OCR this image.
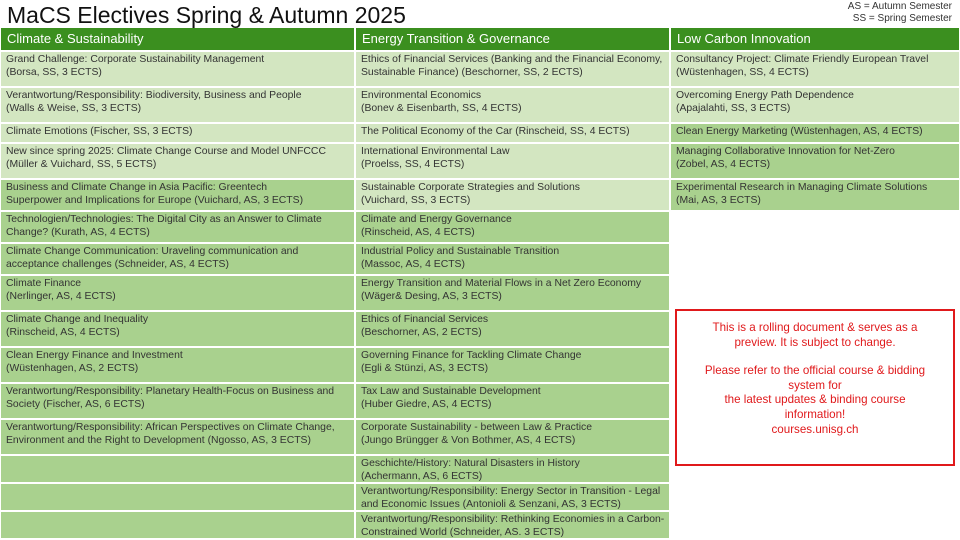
MaCS Electives Spring & Autumn 2025	AS = Autumn Semester
SS = Spring Semester
Climate & Sustainability
Grand Challenge: Corporate Sustainability Management
(Borsa, SS, 3 ECTS)
Verantwortung/Responsibility: Biodiversity, Business and People
(Walls & Weise, SS, 3 ECTS)
Climate Emotions (Fischer, SS, 3 ECTS)
New since spring 2025: Climate Change Course and Model UNFCCC
(Müller & Vuichard, SS, 5 ECTS)
Business and Climate Change in Asia Pacific: Greentech
Superpower and Implications for Europe (Vuichard, AS, 3 ECTS)
Technologien/Technologies: The Digital City as an Answer to Climate
Change? (Kurath, AS, 4 ECTS)
Climate Change Communication: Uraveling communication and
acceptance challenges (Schneider, AS, 4 ECTS)
Climate Finance
(Nerlinger, AS, 4 ECTS)
Climate Change and Inequality
(Rinscheid, AS, 4 ECTS)
Clean Energy Finance and Investment
(Wüstenhagen, AS, 2 ECTS)
Verantwortung/Responsibility: Planetary Health-Focus on Business and
Society (Fischer, AS, 6 ECTS)
Verantwortung/Responsibility: African Perspectives on Climate Change,
Environment and the Right to Development (Ngosso, AS, 3 ECTS)
Energy Transition & Governance
Ethics of Financial Services (Banking and the Financial Economy,
Sustainable Finance) (Beschorner, SS, 2 ECTS)
Environmental Economics
(Bonev & Eisenbarth, SS, 4 ECTS)
The Political Economy of the Car (Rinscheid, SS, 4 ECTS)
International Environmental Law
(Proelss, SS, 4 ECTS)
Sustainable Corporate Strategies and Solutions
(Vuichard, SS, 3 ECTS)
Climate and Energy Governance
(Rinscheid, AS, 4 ECTS)
Industrial Policy and Sustainable Transition
(Massoc, AS, 4 ECTS)
Energy Transition and Material Flows in a Net Zero Economy
(Wäger& Desing, AS, 3 ECTS)
Ethics of Financial Services
(Beschorner, AS, 2 ECTS)
Governing Finance for Tackling Climate Change
(Egli & Stünzi, AS, 3 ECTS)
Tax Law and Sustainable Development
(Huber Giedre, AS, 4 ECTS)
Corporate Sustainability - between Law & Practice
(Jungo Brüngger & Von Bothmer, AS, 4 ECTS)
Geschichte/History: Natural Disasters in History
(Achermann, AS, 6 ECTS)
Verantwortung/Responsibility: Energy Sector in Transition - Legal
and Economic Issues (Antonioli & Senzani, AS, 3 ECTS)
Verantwortung/Responsibility: Rethinking Economies in a Carbon-
Constrained World (Schneider, AS. 3 ECTS)
Low Carbon Innovation
Consultancy Project: Climate Friendly European Travel
(Wüstenhagen, SS, 4 ECTS)
Overcoming Energy Path Dependence
(Apajalahti, SS, 3 ECTS)
Clean Energy Marketing (Wüstenhagen, AS, 4 ECTS)
Managing Collaborative Innovation for Net-Zero
(Zobel, AS, 4 ECTS)
Experimental Research in Managing Climate Solutions
(Mai, AS, 3 ECTS)

This is a rolling document & serves as a

preview. It is subject to change.

Please refer to the official course & bidding

system for

the latest updates & binding course

information!

courses.unisg.ch
